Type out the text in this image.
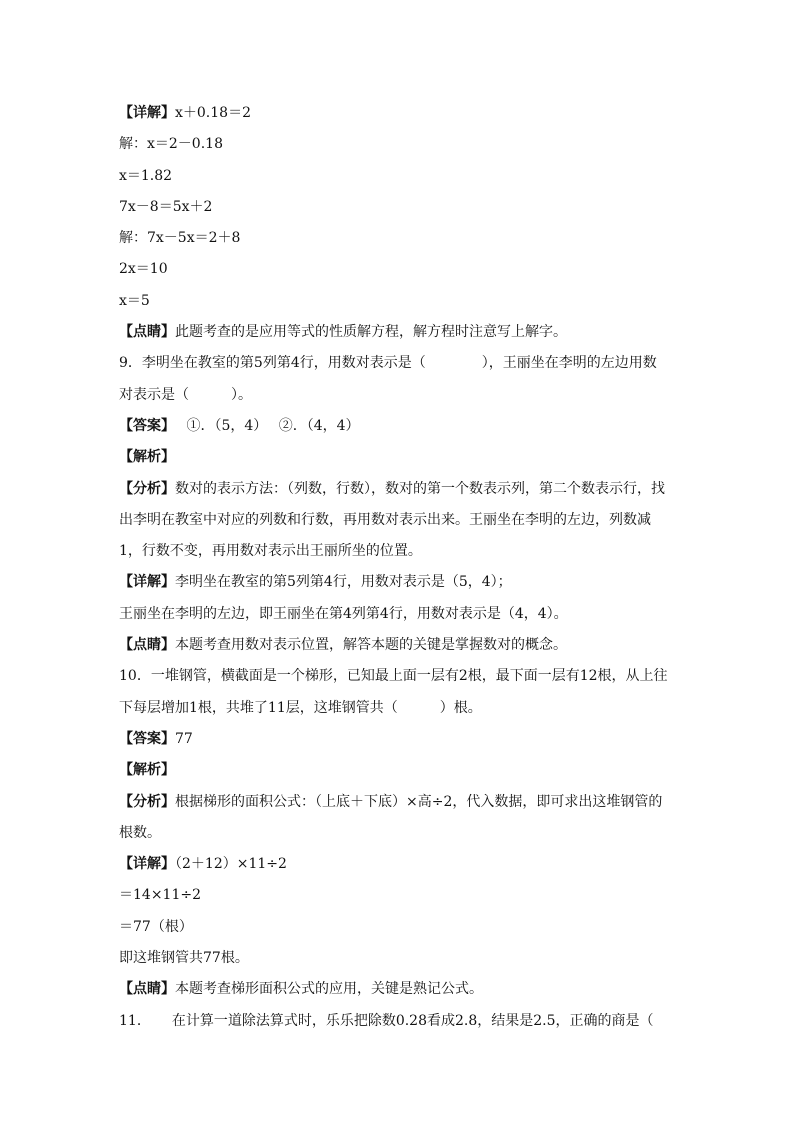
【详解】x＋0.18＝2
解：x＝2－0.18
x＝1.82
7x－8＝5x＋2
解：7x－5x＝2＋8
2x＝10
x＝5
【点睛】此题考查的是应用等式的性质解方程，解方程时注意写上解字。
9．李明坐在教室的第5列第4行，用数对表示是（　　　　），王丽坐在李明的左边用数
对表示是（　　　）。
【答案】　 ①．（5，4）　 ②．（4，4）
【解析】
【分析】数对的表示方法：（列数，行数），数对的第一个数表示列，第二个数表示行，找
出李明在教室中对应的列数和行数，再用数对表示出来。王丽坐在李明的左边，列数减
1，行数不变，再用数对表示出王丽所坐的位置。
【详解】李明坐在教室的第5列第4行，用数对表示是（5，4）；
王丽坐在李明的左边，即王丽坐在第4列第4行，用数对表示是（4，4）。
【点睛】本题考查用数对表示位置，解答本题的关键是掌握数对的概念。
10．一堆钢管，横截面是一个梯形，已知最上面一层有2根，最下面一层有12根，从上往
下每层增加1根，共堆了11层，这堆钢管共（　　　）根。
【答案】77
【解析】
【分析】根据梯形的面积公式：（上底＋下底）×高÷2，代入数据，即可求出这堆钢管的
根数。
【详解】（2＋12）×11÷2
＝14×11÷2
＝77（根）
即这堆钢管共77根。
【点睛】本题考查梯形面积公式的应用，关键是熟记公式。
11．　　在计算一道除法算式时，乐乐把除数0.28看成2.8，结果是2.5，正确的商是（
